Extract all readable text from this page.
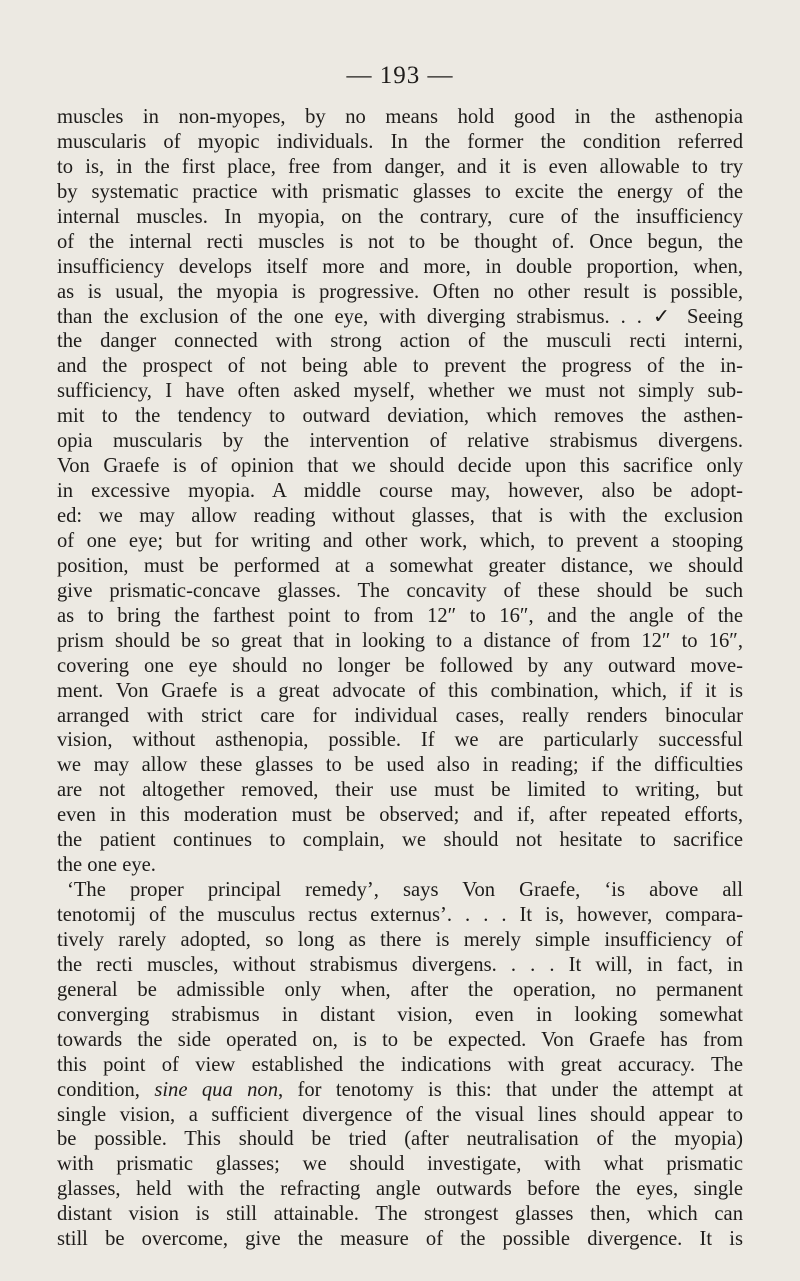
— 193 —
muscles in non-myopes, by no means hold good in the asthenopia
muscularis of myopic individuals. In the former the condition referred
to is, in the first place, free from danger, and it is even allowable to try
by systematic practice with prismatic glasses to excite the energy of the
internal muscles. In myopia, on the contrary, cure of the insufficiency
of the internal recti muscles is not to be thought of. Once begun, the
insufficiency develops itself more and more, in double proportion, when,
as is usual, the myopia is progressive. Often no other result is possible,
than the exclusion of the one eye, with diverging strabismus. . . ✓ Seeing
the danger connected with strong action of the musculi recti interni,
and the prospect of not being able to prevent the progress of the in-
sufficiency, I have often asked myself, whether we must not simply sub-
mit to the tendency to outward deviation, which removes the asthen-
opia muscularis by the intervention of relative strabismus divergens.
Von Graefe is of opinion that we should decide upon this sacrifice only
in excessive myopia. A middle course may, however, also be adopt-
ed: we may allow reading without glasses, that is with the exclusion
of one eye; but for writing and other work, which, to prevent a stooping
position, must be performed at a somewhat greater distance, we should
give prismatic-concave glasses. The concavity of these should be such
as to bring the farthest point to from 12″ to 16″, and the angle of the
prism should be so great that in looking to a distance of from 12″ to 16″,
covering one eye should no longer be followed by any outward move-
ment. Von Graefe is a great advocate of this combination, which, if it is
arranged with strict care for individual cases, really renders binocular
vision, without asthenopia, possible. If we are particularly successful
we may allow these glasses to be used also in reading; if the difficulties
are not altogether removed, their use must be limited to writing, but
even in this moderation must be observed; and if, after repeated efforts,
the patient continues to complain, we should not hesitate to sacrifice
the one eye.
‘The proper principal remedy’, says Von Graefe, ‘is above all
tenotomij of the musculus rectus externus’. . . . It is, however, compara-
tively rarely adopted, so long as there is merely simple insufficiency of
the recti muscles, without strabismus divergens. . . . It will, in fact, in
general be admissible only when, after the operation, no permanent
converging strabismus in distant vision, even in looking somewhat
towards the side operated on, is to be expected. Von Graefe has from
this point of view established the indications with great accuracy. The
condition, sine qua non, for tenotomy is this: that under the attempt at
single vision, a sufficient divergence of the visual lines should appear to
be possible. This should be tried (after neutralisation of the myopia)
with prismatic glasses; we should investigate, with what prismatic
glasses, held with the refracting angle outwards before the eyes, single
distant vision is still attainable. The strongest glasses then, which can
still be overcome, give the measure of the possible divergence. It is
